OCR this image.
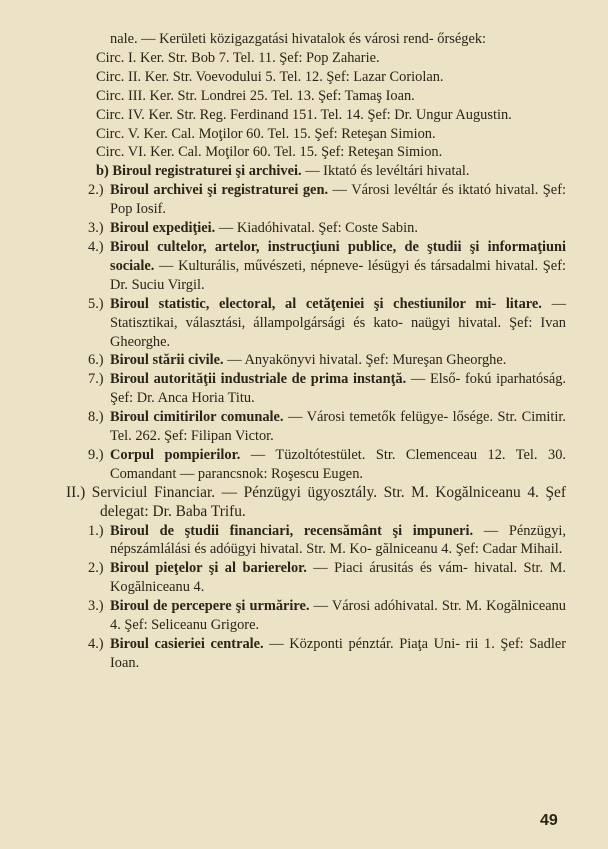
nale. — Kerületi közigazgatási hivatalok és városi rend- őrségek:

Circ. I. Ker. Str. Bob 7. Tel. 11. Şef: Pop Zaharie.

Circ. II. Ker. Str. Voevodului 5. Tel. 12. Şef: Lazar Coriolan.

Circ. III. Ker. Str. Londrei 25. Tel. 13. Şef: Tamaş Ioan.

Circ. IV. Ker. Str. Reg. Ferdinand 151. Tel. 14. Şef: Dr. Ungur Augustin.

Circ. V. Ker. Cal. Moţilor 60. Tel. 15. Şef: Reteşan Simion.

Circ. VI. Ker. Cal. Moţilor 60. Tel. 15. Şef: Reteşan Simion.

b) Biroul registraturei şi archivei. — Iktató és levéltári hivatal.

2.) Biroul archivei şi registraturei gen. — Városi levéltár és iktató hivatal. Şef: Pop Iosif.

3.) Biroul expediţiei. — Kiadóhivatal. Şef: Coste Sabin.

4.) Biroul cultelor, artelor, instrucţiuni publice, de ştudii şi informaţiuni sociale. — Kulturális, művészeti, népneve- lésügyi és társadalmi hivatal. Şef: Dr. Suciu Virgil.

5.) Biroul statistic, electoral, al cetăţeniei şi chestiunilor mi- litare. — Statisztikai, választási, állampolgársági és kato- naügyi hivatal. Şef: Ivan Gheorghe.

6.) Biroul stării civile. — Anyakönyvi hivatal. Şef: Mureşan Gheorghe.

7.) Biroul autorităţii industriale de prima instanţă. — Első- fokú iparhatóság. Şef: Dr. Anca Horia Titu.

8.) Biroul cimitirilor comunale. — Városi temetők felügye- lősége. Str. Cimitir. Tel. 262. Şef: Filipan Victor.

9.) Corpul pompierilor. — Tüzoltótestület. Str. Clemenceau 12. Tel. 30. Comandant — parancsnok: Roşescu Eugen.

II.) Serviciul Financiar. — Pénzügyi ügyosztály. Str. M. Kogălniceanu 4. Şef delegat: Dr. Baba Trifu.

1.) Biroul de ştudii financiari, recensământ şi impuneri. — Pénzügyi, népszámlálási és adóügyi hivatal. Str. M. Ko- gălniceanu 4. Şef: Cadar Mihail.

2.) Biroul pieţelor şi al barierelor. — Piaci árusitás és vám- hivatal. Str. M. Kogălniceanu 4.

3.) Biroul de percepere şi urmărire. — Városi adóhivatal. Str. M. Kogălniceanu 4. Şef: Seliceanu Grigore.

4.) Biroul casieriei centrale. — Központi pénztár. Piaţa Uni- rii 1. Şef: Sadler Ioan.

49
